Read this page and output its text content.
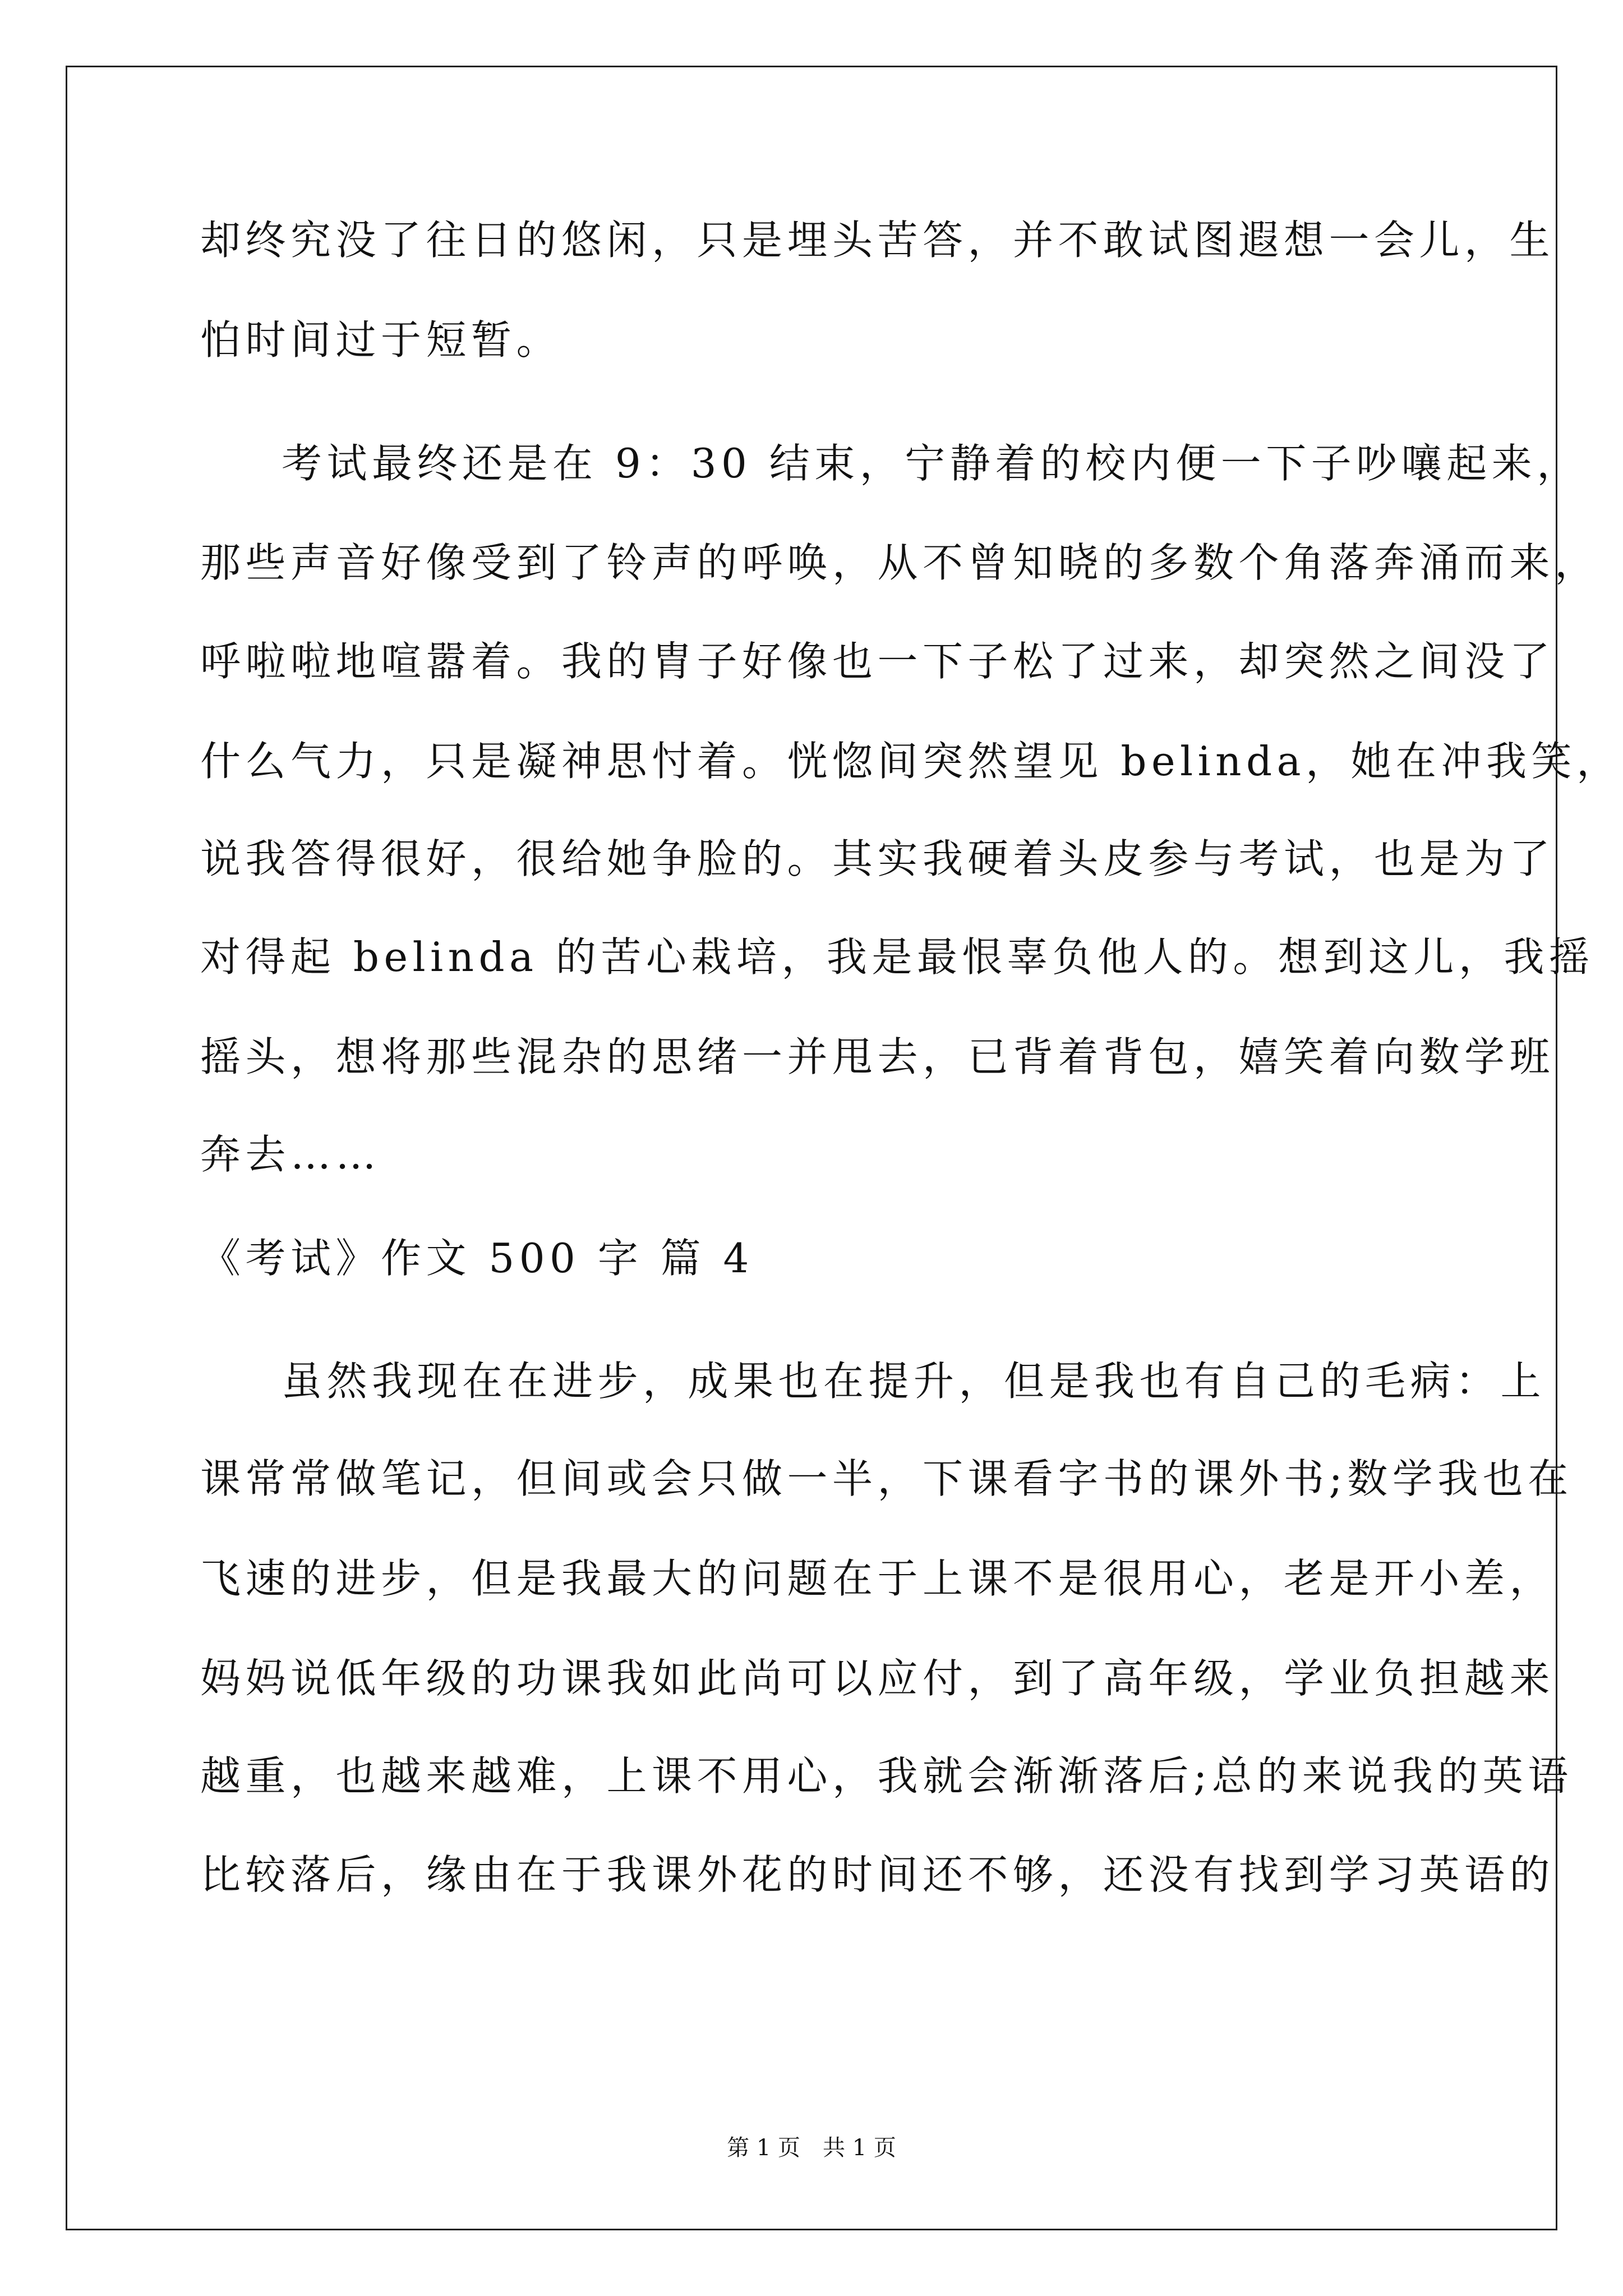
却终究没了往日的悠闲，只是埋头苦答，并不敢试图遐想一会儿，生
怕时间过于短暂。
考试最终还是在 9：30 结束，宁静着的校内便一下子吵嚷起来，
那些声音好像受到了铃声的呼唤，从不曾知晓的多数个角落奔涌而来，
呼啦啦地喧嚣着。我的胄子好像也一下子松了过来，却突然之间没了
什么气力，只是凝神思忖着。恍惚间突然望见 belinda，她在冲我笑，
说我答得很好，很给她争脸的。其实我硬着头皮参与考试，也是为了
对得起 belinda 的苦心栽培，我是最恨辜负他人的。想到这儿，我摇
摇头，想将那些混杂的思绪一并甩去，已背着背包，嬉笑着向数学班
奔去……
《考试》作文 500 字 篇 4
虽然我现在在进步，成果也在提升，但是我也有自己的毛病：上
课常常做笔记，但间或会只做一半，下课看字书的课外书;数学我也在
飞速的进步，但是我最大的问题在于上课不是很用心，老是开小差，
妈妈说低年级的功课我如此尚可以应付，到了高年级，学业负担越来
越重，也越来越难，上课不用心，我就会渐渐落后;总的来说我的英语
比较落后，缘由在于我课外花的时间还不够，还没有找到学习英语的
第 1 页　共 1 页
